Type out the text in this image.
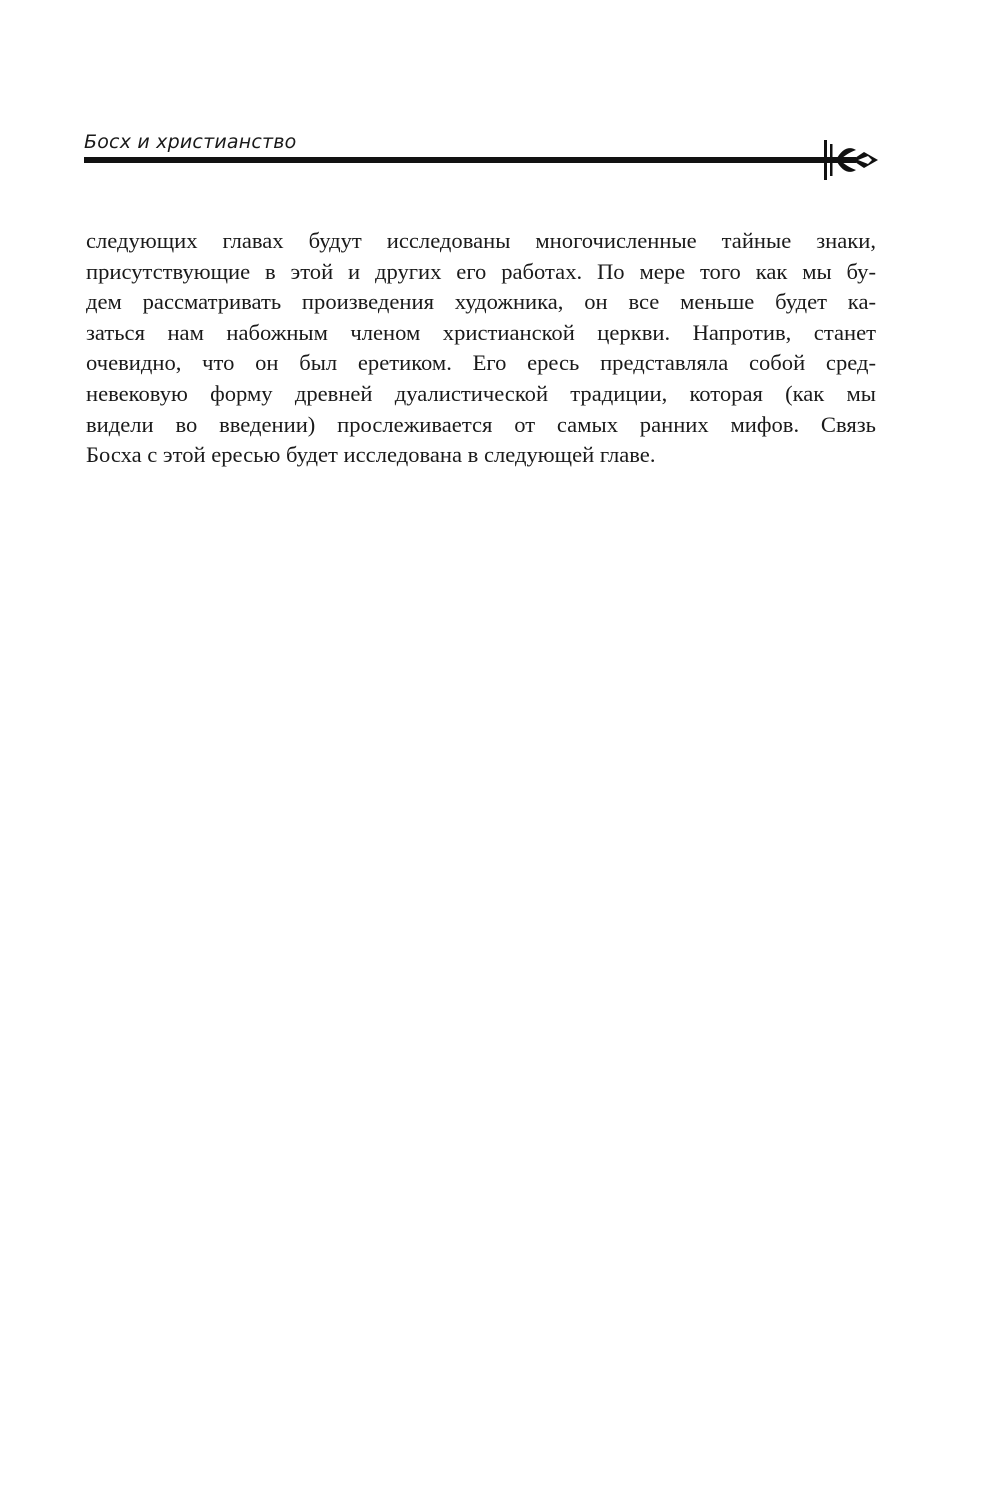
Босх и христианство
следующих главах будут исследованы многочисленные тайные знаки,
присутствующие в этой и других его работах. По мере того как мы бу-
дем рассматривать произведения художника, он все меньше будет ка-
заться нам набожным членом христианской церкви. Напротив, станет
очевидно, что он был еретиком. Его ересь представляла собой сред-
невековую форму древней дуалистической традиции, которая (как мы
видели во введении) прослеживается от самых ранних мифов. Связь
Босха с этой ересью будет исследована в следующей главе.
